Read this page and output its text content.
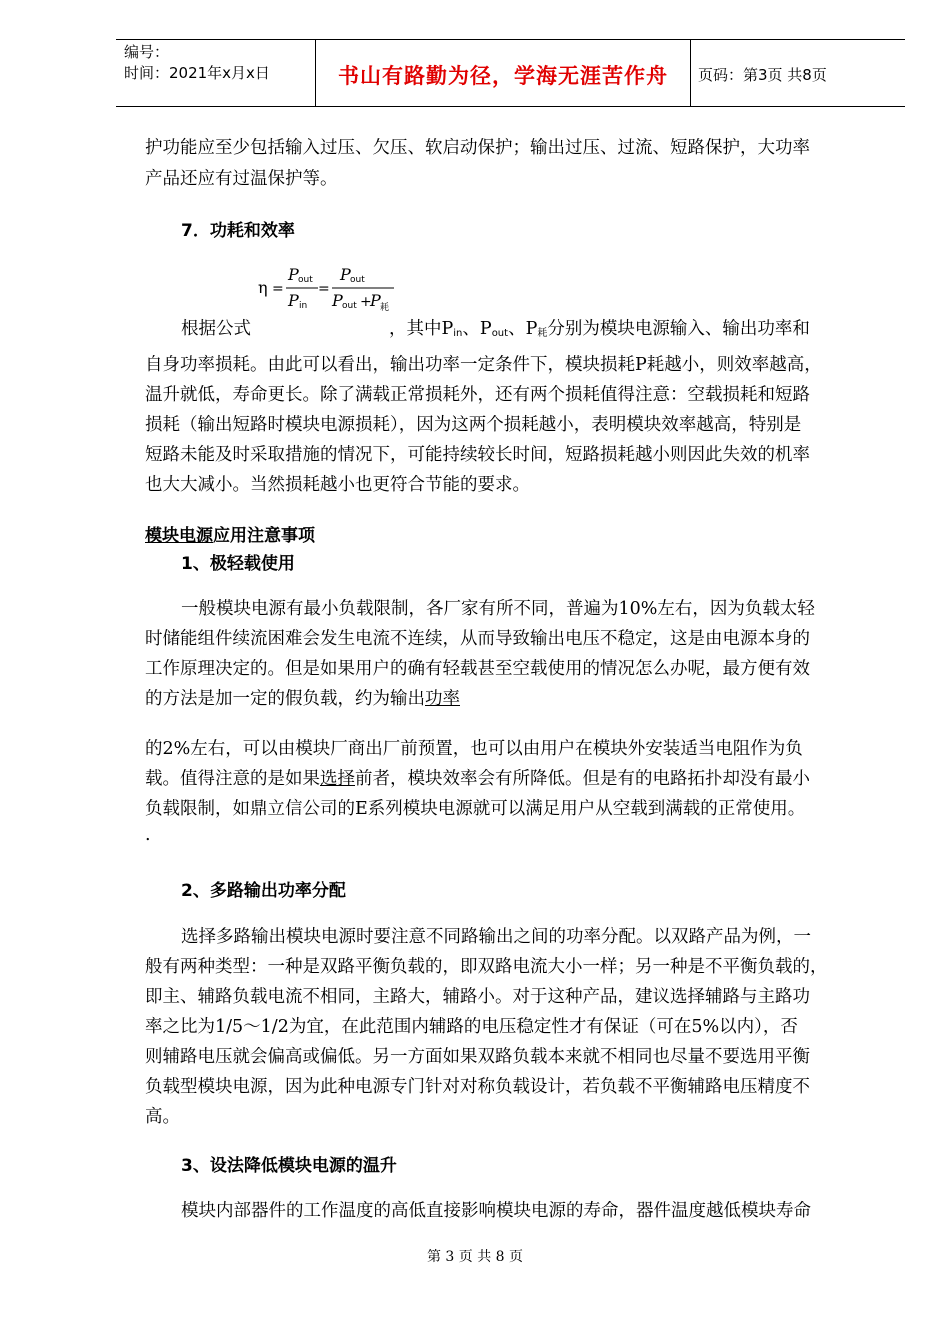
编号：
时间：2021年x月x日	书山有路勤为径，学海无涯苦作舟	页码：第3页 共8页
护功能应至少包括输入过压、欠压、软启动保护；输出过压、过流、短路保护，大功率
产品还应有过温保护等。
7．功耗和效率
η =
P out
P in
=
P out
P out +
P 耗
根据公式	，其中$P_{in}$、$P_{out}$、$P_耗$分别为模块电源输入、输出功率和
自身功率损耗。由此可以看出，输出功率一定条件下，模块损耗P耗越小，则效率越高，
温升就低，寿命更长。除了满载正常损耗外，还有两个损耗值得注意：空载损耗和短路
损耗（输出短路时模块电源损耗），因为这两个损耗越小，表明模块效率越高，特别是
短路未能及时采取措施的情况下，可能持续较长时间，短路损耗越小则因此失效的机率
也大大减小。当然损耗越小也更符合节能的要求。
模块电源应用注意事项
1、极轻载使用
一般模块电源有最小负载限制，各厂家有所不同，普遍为10%左右，因为负载太轻
时储能组件续流困难会发生电流不连续，从而导致输出电压不稳定，这是由电源本身的
工作原理决定的。但是如果用户的确有轻载甚至空载使用的情况怎么办呢，最方便有效
的方法是加一定的假负载，约为输出功率
的2%左右，可以由模块厂商出厂前预置，也可以由用户在模块外安装适当电阻作为负
载。值得注意的是如果选择前者，模块效率会有所降低。但是有的电路拓扑却没有最小
负载限制，如鼎立信公司的E系列模块电源就可以满足用户从空载到满载的正常使用。
.
2、多路输出功率分配
选择多路输出模块电源时要注意不同路输出之间的功率分配。以双路产品为例，一
般有两种类型：一种是双路平衡负载的，即双路电流大小一样；另一种是不平衡负载的，
即主、辅路负载电流不相同，主路大，辅路小。对于这种产品，建议选择辅路与主路功
率之比为1/5～1/2为宜，在此范围内辅路的电压稳定性才有保证（可在5%以内），否
则辅路电压就会偏高或偏低。另一方面如果双路负载本来就不相同也尽量不要选用平衡
负载型模块电源，因为此种电源专门针对对称负载设计，若负载不平衡辅路电压精度不
高。
3、设法降低模块电源的温升
模块内部器件的工作温度的高低直接影响模块电源的寿命，器件温度越低模块寿命
第 3 页 共 8 页
